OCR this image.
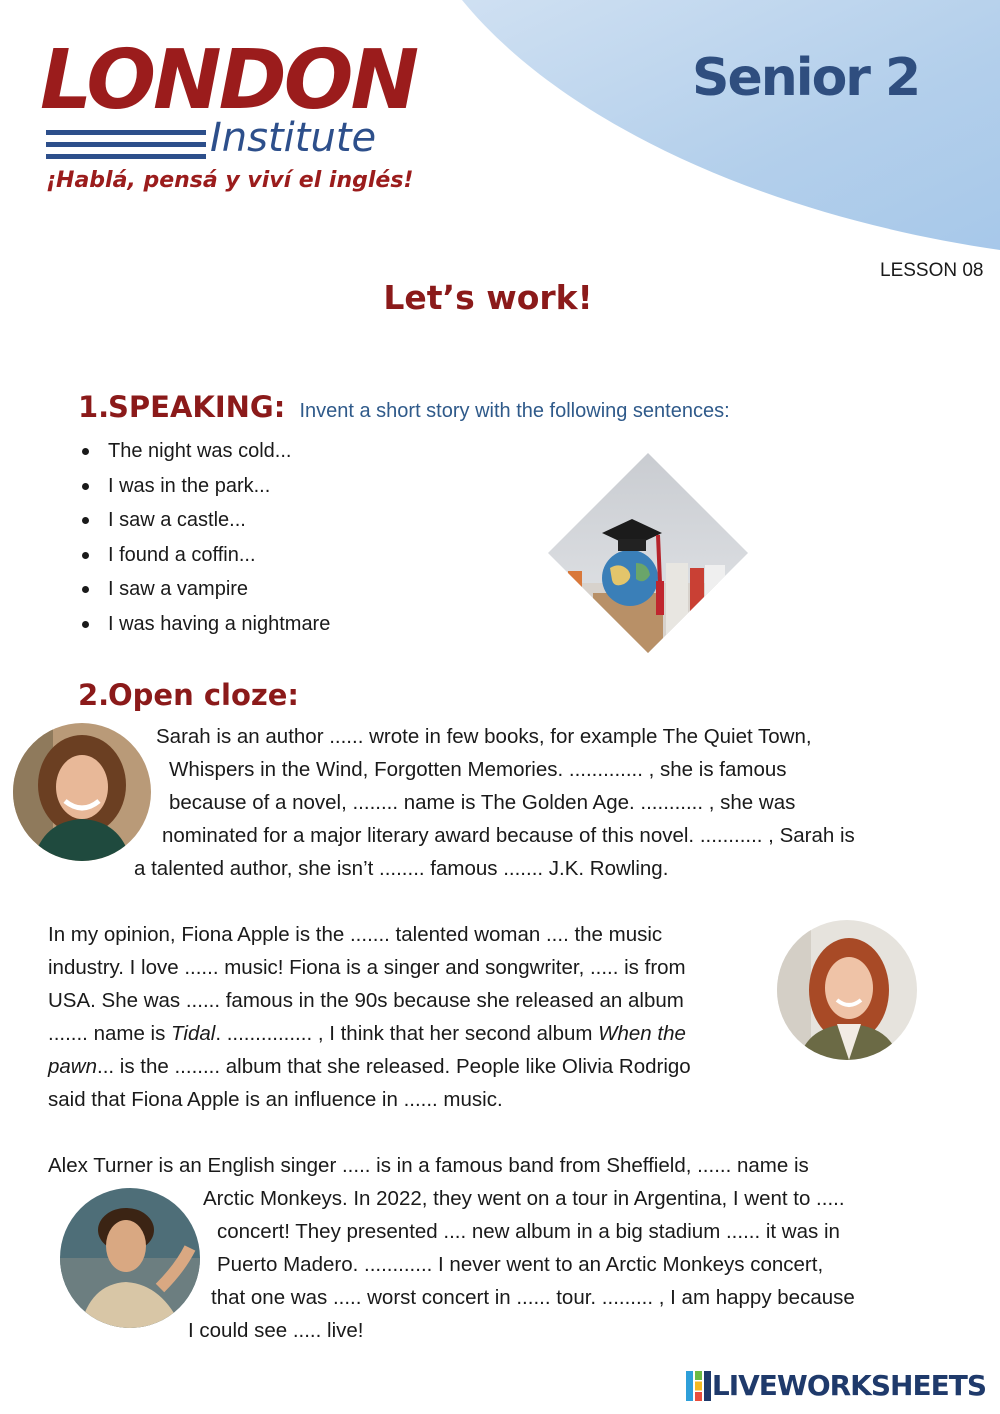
LONDON
Institute
¡Hablá, pensá y viví el inglés!
Senior 2
LESSON 08
Let’s work!
1.SPEAKING: Invent a short story with the following sentences:
The night was cold...
I was in the park...
I saw a castle...
I found a coffin...
I saw a vampire
I was having a nightmare
2.Open cloze:
Sarah is an author ...... wrote in few books, for example The Quiet Town,
Whispers in the Wind, Forgotten Memories. ............. , she is famous
because of a novel, ........ name is The Golden Age. ........... , she was
nominated for a major literary award because of this novel. ........... , Sarah is
a talented author, she isn’t ........ famous ....... J.K. Rowling.
In my opinion, Fiona Apple is the ....... talented woman .... the music
industry. I love ...... music! Fiona is a singer and songwriter, ..... is from
USA. She was ...... famous in the 90s because she released an album
....... name is Tidal. ............... , I think that her second album When the
pawn... is the ........ album that she released. People like Olivia Rodrigo
said that Fiona Apple is an influence in ...... music.
Alex Turner is an English singer ..... is in a famous band from Sheffield, ...... name is
Arctic Monkeys. In 2022, they went on a tour in Argentina, I went to .....
concert! They presented .... new album in a big stadium ...... it was in
Puerto Madero. ............ I never went to an Arctic Monkeys concert,
that one was ..... worst concert in ...... tour. ......... , I am happy because
I could see ..... live!
LIVEWORKSHEETS
